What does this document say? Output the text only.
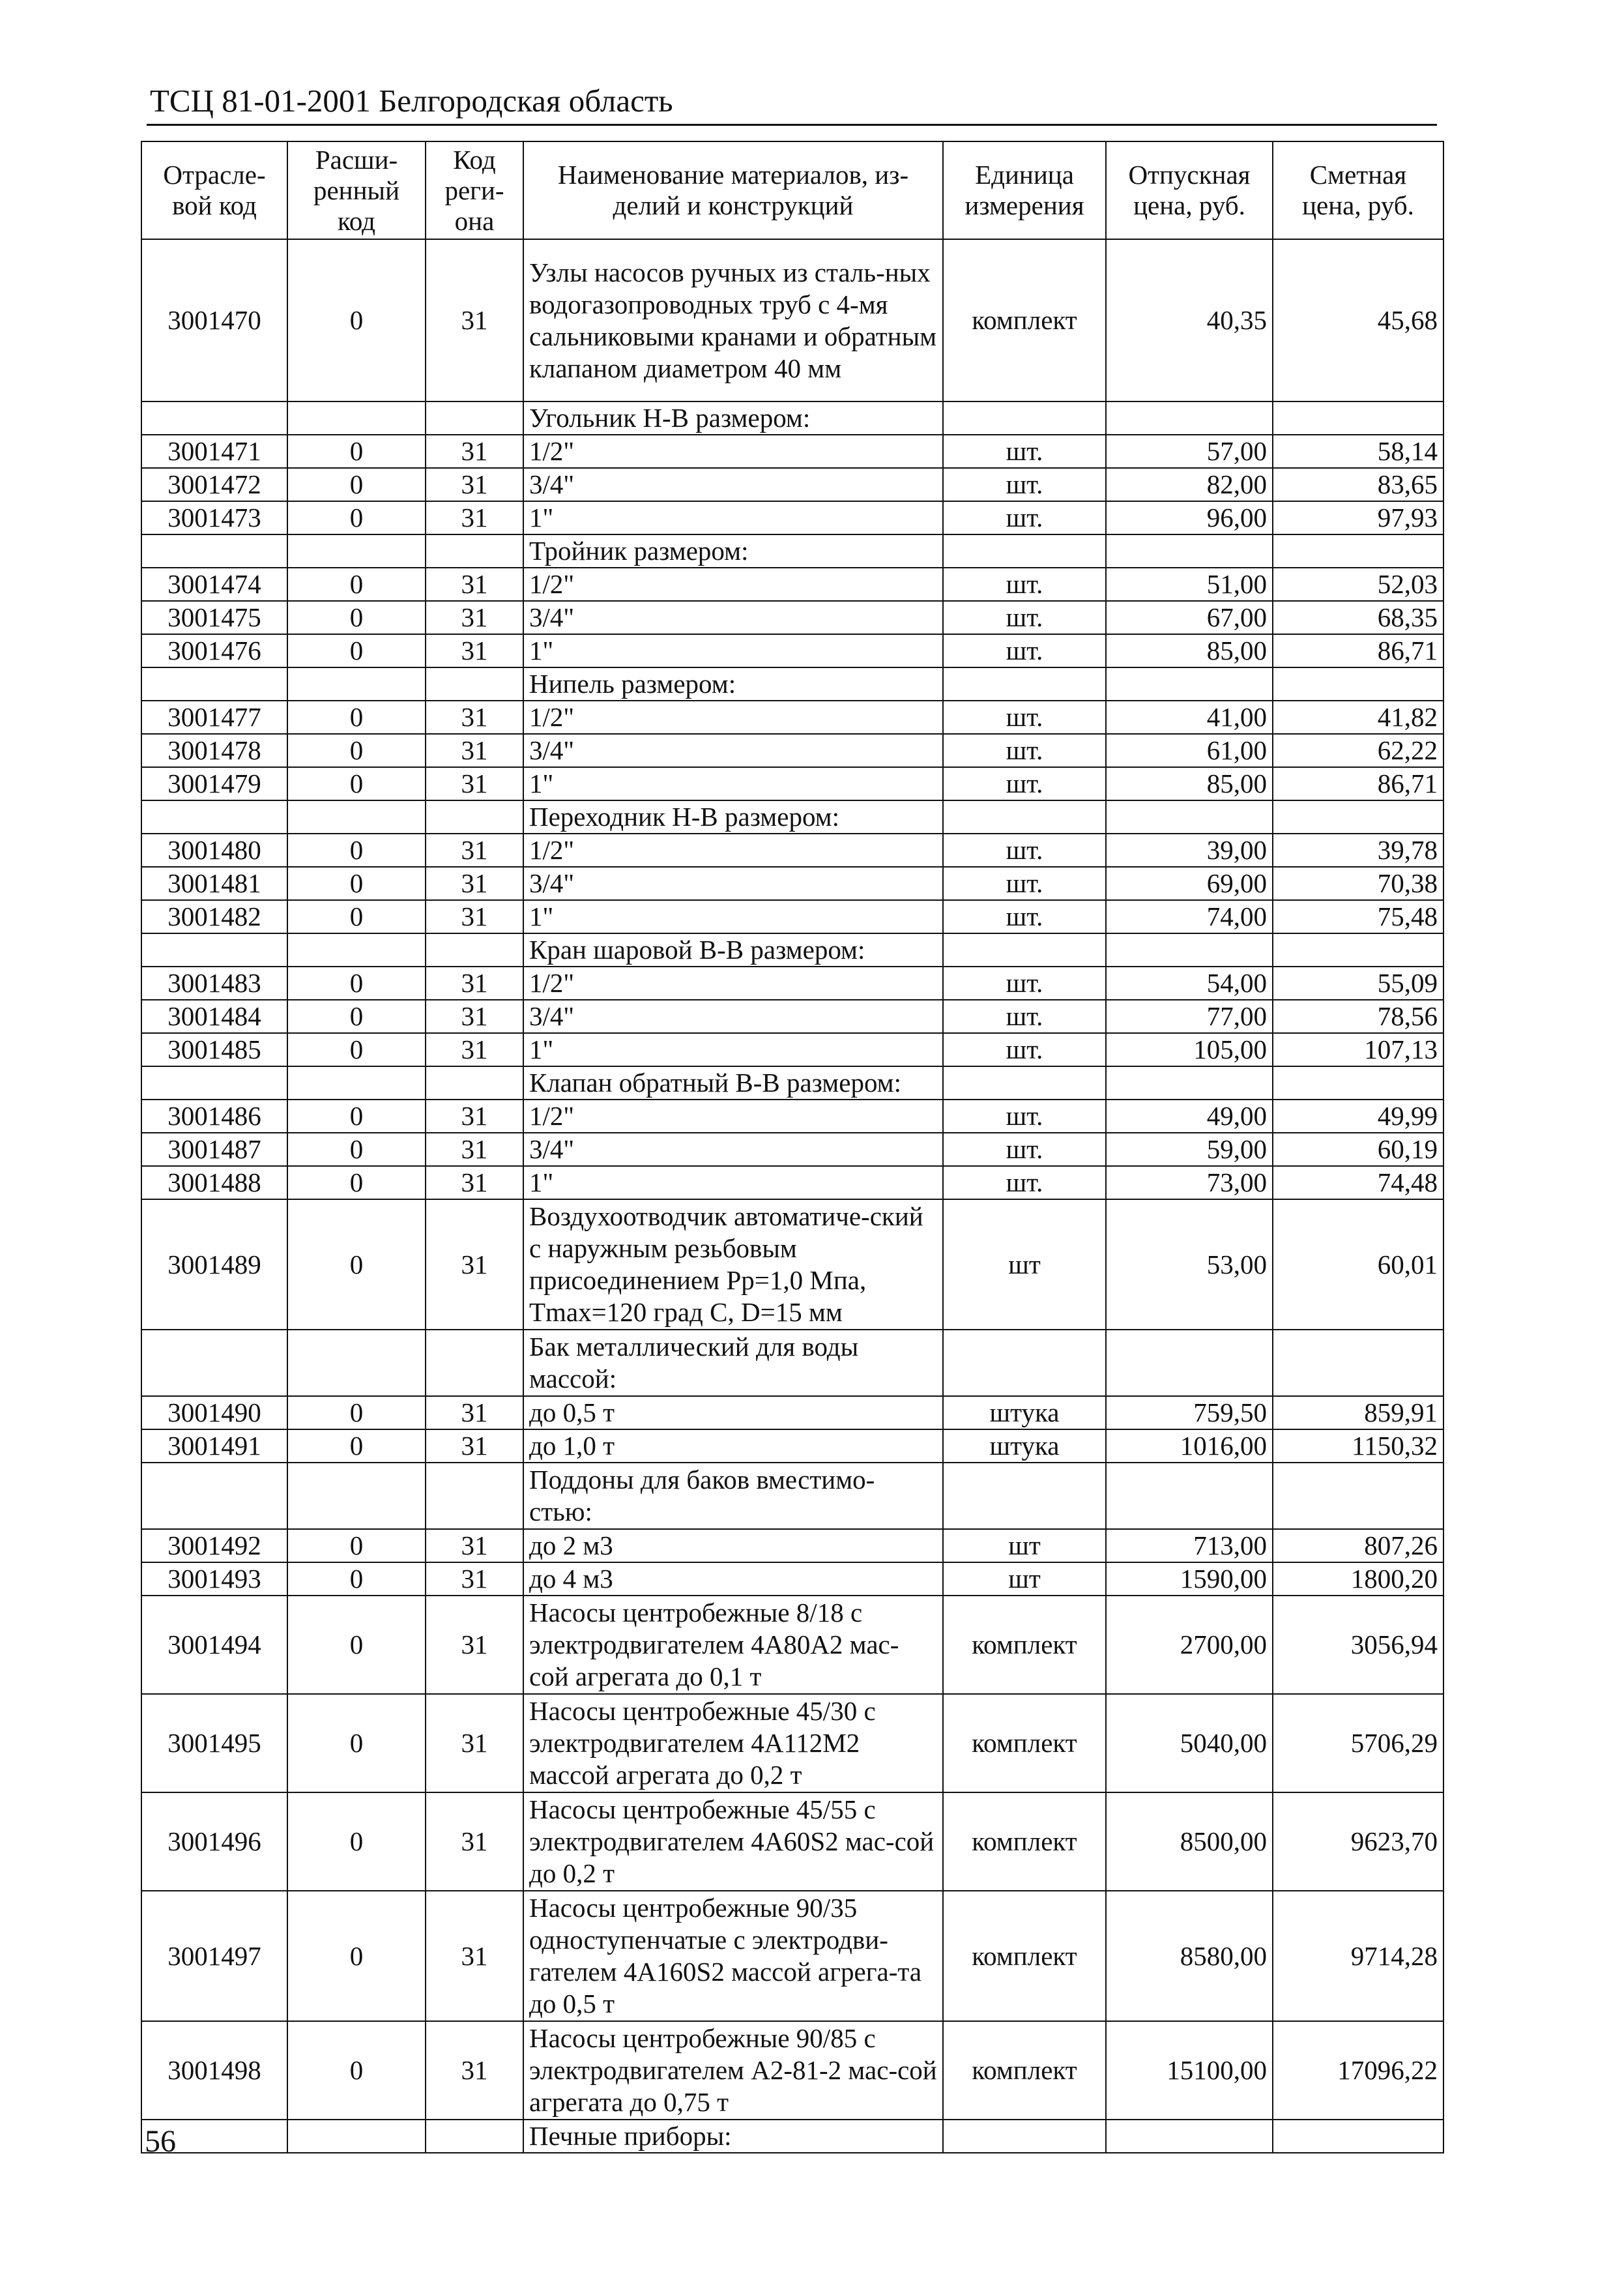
ТСЦ 81-01-2001 Белгородская область
Отрасле-вой код	Расши-ренный код	Код реги-она	Наименование материалов, из-делий и конструкций	Единица измерения	Отпускная цена, руб.	Сметная цена, руб.
3001470	0	31	Узлы насосов ручных из сталь-ных водогазопроводных труб с 4-мя сальниковыми кранами и обратным клапаном диаметром 40 мм	комплект	40,35	45,68
			Угольник Н-В размером:			
3001471	0	31	1/2"	шт.	57,00	58,14
3001472	0	31	3/4"	шт.	82,00	83,65
3001473	0	31	1"	шт.	96,00	97,93
			Тройник размером:			
3001474	0	31	1/2"	шт.	51,00	52,03
3001475	0	31	3/4"	шт.	67,00	68,35
3001476	0	31	1"	шт.	85,00	86,71
			Нипель размером:			
3001477	0	31	1/2"	шт.	41,00	41,82
3001478	0	31	3/4"	шт.	61,00	62,22
3001479	0	31	1"	шт.	85,00	86,71
			Переходник Н-В размером:			
3001480	0	31	1/2"	шт.	39,00	39,78
3001481	0	31	3/4"	шт.	69,00	70,38
3001482	0	31	1"	шт.	74,00	75,48
			Кран шаровой В-В размером:			
3001483	0	31	1/2"	шт.	54,00	55,09
3001484	0	31	3/4"	шт.	77,00	78,56
3001485	0	31	1"	шт.	105,00	107,13
			Клапан обратный В-В размером:			
3001486	0	31	1/2"	шт.	49,00	49,99
3001487	0	31	3/4"	шт.	59,00	60,19
3001488	0	31	1"	шт.	73,00	74,48
3001489	0	31	Воздухоотводчик автоматиче-ский с наружным резьбовым присоединением Рр=1,0 Мпа, Tmax=120 град С, D=15 мм	шт	53,00	60,01
			Бак металлический для воды массой:			
3001490	0	31	до 0,5 т	штука	759,50	859,91
3001491	0	31	до 1,0 т	штука	1016,00	1150,32
			Поддоны для баков вместимо-стью:			
3001492	0	31	до 2 м3	шт	713,00	807,26
3001493	0	31	до 4 м3	шт	1590,00	1800,20
3001494	0	31	Насосы центробежные 8/18 с электродвигателем 4А80А2 мас-сой агрегата до 0,1 т	комплект	2700,00	3056,94
3001495	0	31	Насосы центробежные 45/30 с электродвигателем 4А112М2 массой агрегата до 0,2 т	комплект	5040,00	5706,29
3001496	0	31	Насосы центробежные 45/55 с электродвигателем 4А60S2 мас-сой до 0,2 т	комплект	8500,00	9623,70
3001497	0	31	Насосы центробежные 90/35 одноступенчатые с электродви-гателем 4А160S2 массой агрега-та до 0,5 т	комплект	8580,00	9714,28
3001498	0	31	Насосы центробежные 90/85 с электродвигателем А2-81-2 мас-сой агрегата до 0,75 т	комплект	15100,00	17096,22
			Печные приборы:			
56
